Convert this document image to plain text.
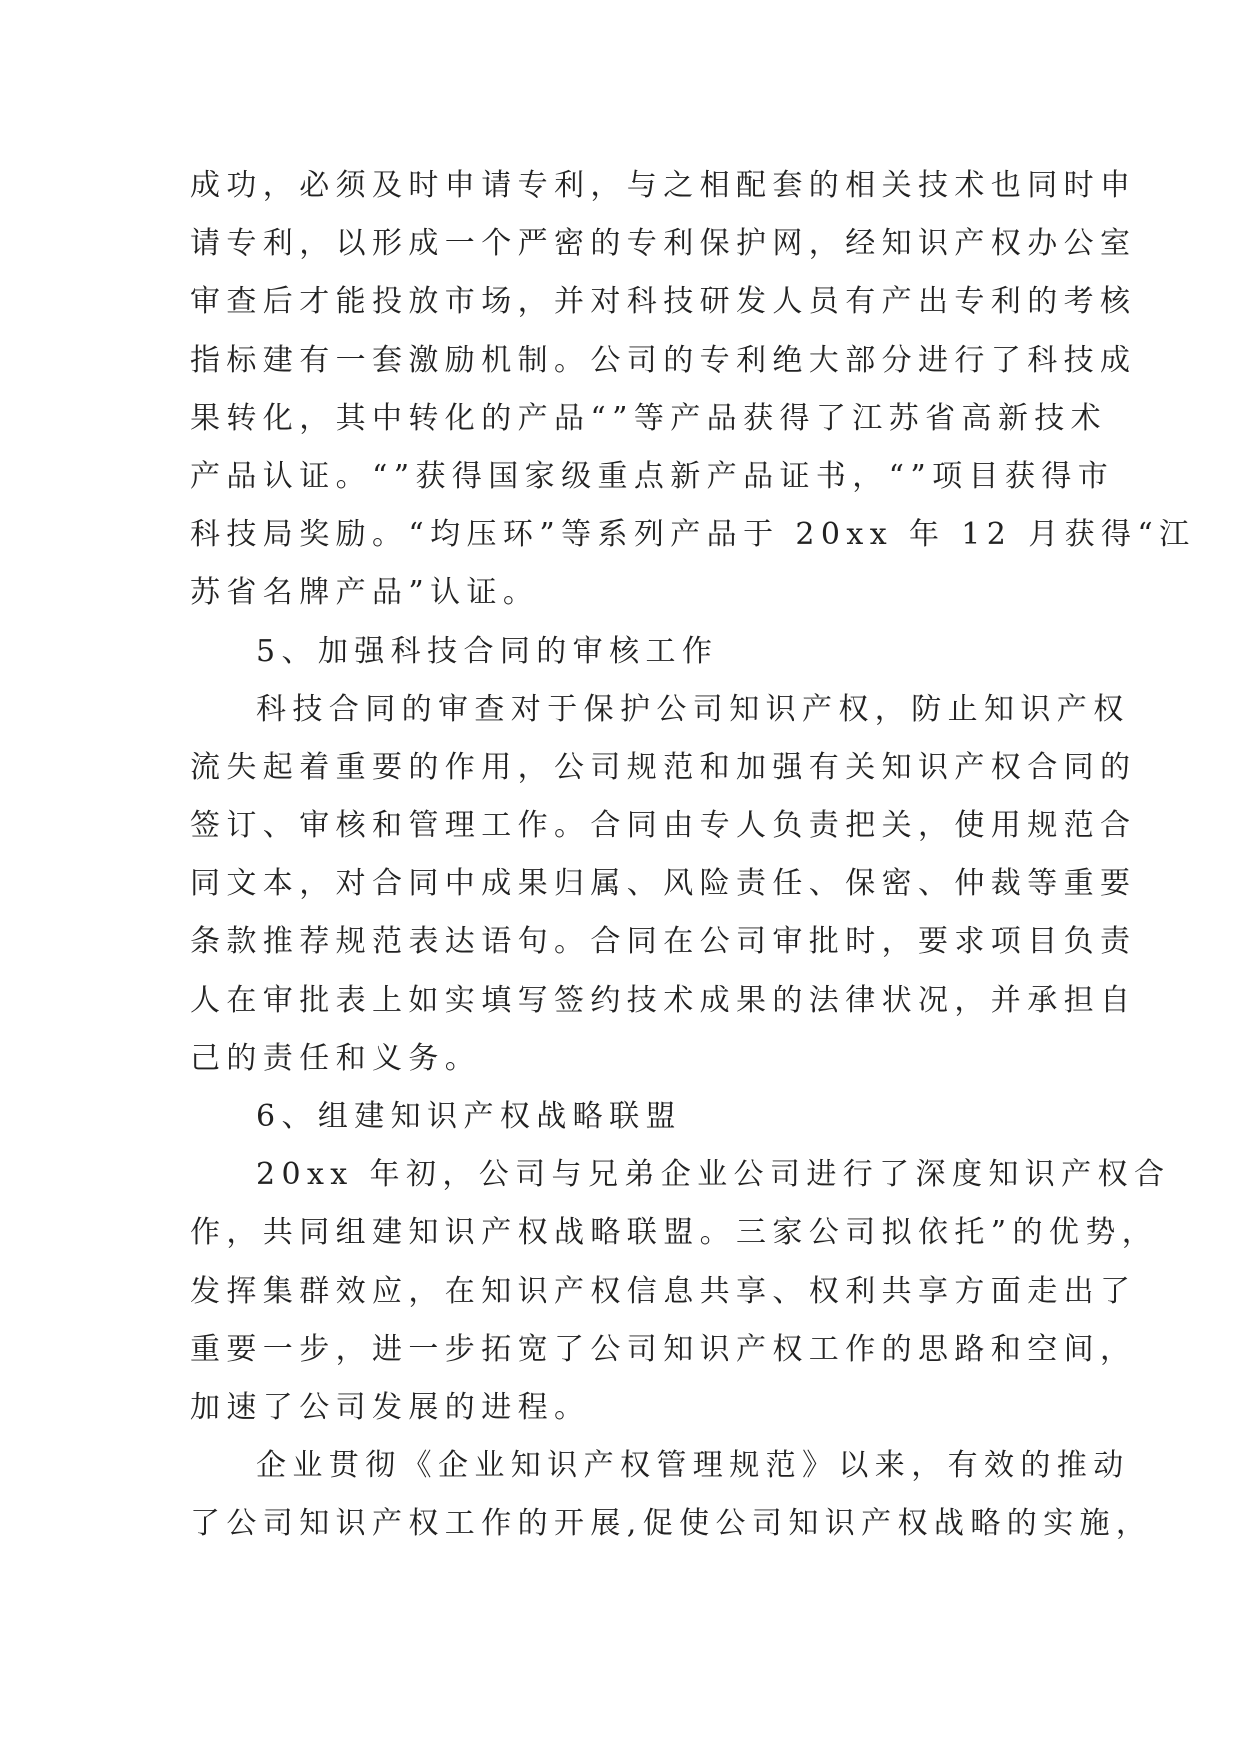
成功，必须及时申请专利，与之相配套的相关技术也同时申
请专利，以形成一个严密的专利保护网，经知识产权办公室
审查后才能投放市场，并对科技研发人员有产出专利的考核
指标建有一套激励机制。公司的专利绝大部分进行了科技成
果转化，其中转化的产品“”等产品获得了江苏省高新技术
产品认证。“”获得国家级重点新产品证书，“”项目获得市
科技局奖励。“均压环”等系列产品于 20xx 年 12 月获得“江
苏省名牌产品”认证。
5、加强科技合同的审核工作
科技合同的审查对于保护公司知识产权，防止知识产权
流失起着重要的作用，公司规范和加强有关知识产权合同的
签订、审核和管理工作。合同由专人负责把关，使用规范合
同文本，对合同中成果归属、风险责任、保密、仲裁等重要
条款推荐规范表达语句。合同在公司审批时，要求项目负责
人在审批表上如实填写签约技术成果的法律状况，并承担自
己的责任和义务。
6、组建知识产权战略联盟
20xx 年初，公司与兄弟企业公司进行了深度知识产权合
作，共同组建知识产权战略联盟。三家公司拟依托”的优势，
发挥集群效应，在知识产权信息共享、权利共享方面走出了
重要一步，进一步拓宽了公司知识产权工作的思路和空间，
加速了公司发展的进程。
企业贯彻《企业知识产权管理规范》以来，有效的推动
了公司知识产权工作的开展,促使公司知识产权战略的实施，
